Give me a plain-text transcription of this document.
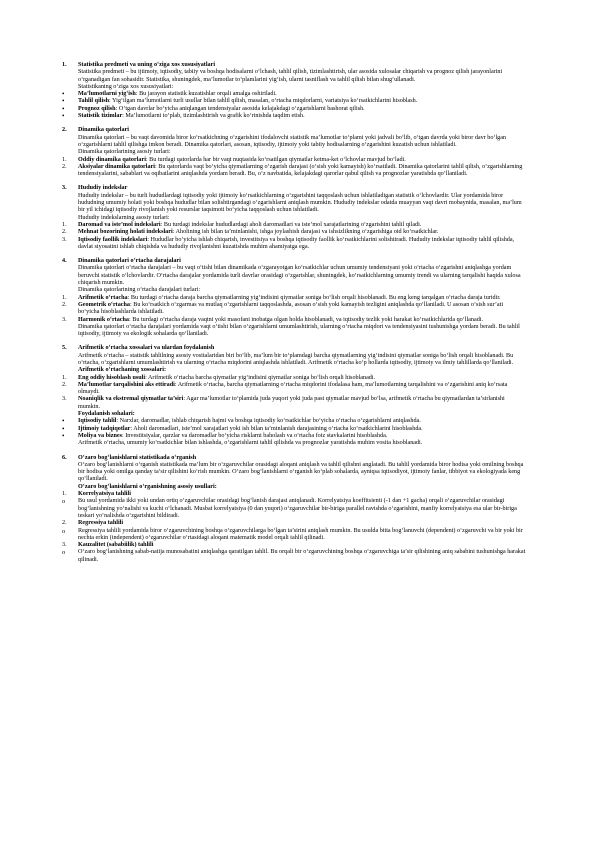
1.	Statistika predmeti va uning o‘ziga xos xususiyatlari
Statistika predmeti – bu ijtimoiy, iqtisodiy, tabiiy va boshqa hodisalarni o‘lchash, tahlil qilish, tizimlashtirish, ular asosida xulosalar chiqarish va prognoz qilish jarayonlarini o‘rganadigan fan sohasidir. Statistika, shuningdek, ma’lumotlar to‘plamlarini yig‘ish, ularni tasniflash va tahlil qilish bilan shug‘ullanadi.
Statistikaning o‘ziga xos xususiyatlari:
•	Ma’lumotlarni yig‘ish: Bu jarayon statistik kuzatishlar orqali amalga oshiriladi.
•	Tahlil qilish: Yig‘ilgan ma’lumotlarni turli usullar bilan tahlil qilish, masalan, o‘rtacha miqdorlarni, variatsiya ko‘rsatkichlarini hisoblash.
•	Prognoz qilish: O‘tgan davrlar bo‘yicha aniqlangan tendensiyalar asosida kelajakdagi o‘zgarishlarni bashorat qilish.
•	Statistik tizimlar: Ma’lumotlarni to‘plab, tizimlashtirish va grafik ko‘rinishda taqdim etish.
2.	Dinamika qatorlari
Dinamika qatorlari – bu vaqt davomida biror ko‘rsatkichning o‘zgarishini ifodalovchi statistik ma’lumotlar to‘plami yoki jadvali bo‘lib, o‘tgan davrda yoki biror davr bo‘lgan o‘zgarishlarni tahlil qilishga imkon beradi. Dinamika qatorlari, asosan, iqtisodiy, ijtimoiy yoki tabiiy hodisalarning o‘zgarishini kuzatish uchun ishlatiladi.
Dinamika qatorlarining asosiy turlari:
1.	Oddiy dinamika qatorlari: Bu turdagi qatorlarda har bir vaqt nuqtasida ko‘rsatilgan qiymatlar ketma-ket o‘lchovlar mavjud bo‘ladi.
2.	Aksiyalar dinamika qatorlari: Bu qatorlarda vaqt bo‘yicha qiymatlarning o‘zgarish darajasi (o‘sish yoki kamayish) ko‘rsatiladi. Dinamika qatorlarini tahlil qilish, o‘zgarishlarning tendensiyalarini, sabablari va oqibatlarini aniqlashda yordam beradi. Bu, o‘z navbatida, kelajakdagi qarorlar qabul qilish va prognozlar yaratishda qo‘llaniladi.
3.	Hududiy indekslar
Hududiy indekslar – bu turli hududlardagi iqtisodiy yoki ijtimoiy ko‘rsatkichlarning o‘zgarishini taqqoslash uchun ishlatiladigan statistik o‘lchovlardir. Ular yordamida biror hududning umumiy holati yoki boshqa hududlar bilan solishtirgandagi o‘zgarishlarni aniqlash mumkin. Hududiy indekslar odatda muayyan vaqt davri mobaynida, masalan, ma’lum bir yil ichidagi iqtisodiy rivojlanish yoki resurslar taqsimoti bo‘yicha taqqoslash uchun ishlatiladi.
Hududiy indekslarning asosiy turlari:
1.	Daromad va iste’mol indekslari: Bu turdagi indekslar hududlardagi aholi daromadlari va iste’mol xarajatlarining o‘zgarishini tahlil qiladi.
2.	Mehnat bozorining holati indekslari: Aholining ish bilan ta’minlanishi, ishga joylashish darajasi va ishsizlikning o‘zgarishiga oid ko‘rsatkichlar.
3.	Iqtisodiy faollik indekslari: Hududlar bo‘yicha ishlab chiqarish, investitsiya va boshqa iqtisodiy faollik ko‘rsatkichlarini solishtiradi. Hududiy indekslar iqtisodiy tahlil qilishda, davlat siyosatini ishlab chiqishda va hududiy rivojlanishni kuzatishda muhim ahamiyatga ega.
4.	Dinamika qatorlari o‘rtacha darajalari
Dinamika qatorlari o‘rtacha darajalari – bu vaqt o‘tishi bilan dinamikada o‘zgarayotgan ko‘rsatkichlar uchun umumiy tendensiyani yoki o‘rtacha o‘zgarishni aniqlashga yordam beruvchi statistik o‘lchovlardir. O‘rtacha darajalar yordamida turli davrlar orasidagi o‘zgarishlar, shuningdek, ko‘rsatkichlarning umumiy trendi va ularning tarqalishi haqida xulosa chiqarish mumkin.
Dinamika qatorlarining o‘rtacha darajalari turlari:
1.	Arifmetik o‘rtacha: Bu turdagi o‘rtacha daraja barcha qiymatlarning yig‘indisini qiymatlar soniga bo‘lish orqali hisoblanadi. Bu eng keng tarqalgan o‘rtacha daraja turidir.
2.	Geometrik o‘rtacha: Bu ko‘rsatkich o‘zgarmas va mutlaq o‘zgarishlarni taqqoslashda, asosan o‘sish yoki kamayish tezligini aniqlashda qo‘llaniladi. U asosan o‘sish sur’ati bo‘yicha hisoblashlarda ishlatiladi.
3.	Harmonik o‘rtacha: Bu turdagi o‘rtacha daraja vaqtni yoki masofani inobatga olgan holda hisoblanadi, va iqtisodiy tezlik yoki harakat ko‘rsatkichlarida qo‘llanadi.
Dinamika qatorlari o‘rtacha darajalari yordamida vaqt o‘tishi bilan o‘zgarishlarni umumlashtirish, ularning o‘rtacha miqdori va tendensiyasini tushunishga yordam beradi. Bu tahlil iqtisodiy, ijtimoiy va ekologik sohalarda qo‘llaniladi.
5.	Arifmetik o‘rtacha xossalari va ulardan foydalanish
Arifmetik o‘rtacha – statistik tahlilning asosiy vositalaridan biri bo‘lib, ma’lum bir to‘plamdagi barcha qiymatlarning yig‘indisini qiymatlar soniga bo‘lish orqali hisoblanadi. Bu o‘rtacha, o‘zgarishlarni umumlashtirish va ularning o‘rtacha miqdorini aniqlashda ishlatiladi. Arifmetik o‘rtacha ko‘p hollarda iqtisodiy, ijtimoiy va ilmiy tahlillarda qo‘llaniladi.
Arifmetik o‘rtachaning xossalari:
1.	Eng oddiy hisoblash usuli: Arifmetik o‘rtacha barcha qiymatlar yig‘indisini qiymatlar soniga bo‘lish orqali hisoblanadi.
2.	Ma’lumotlar tarqalishini aks ettiradi: Arifmetik o‘rtacha, barcha qiymatlarning o‘rtacha miqdorini ifodalasa ham, ma’lumotlarning tarqalishini va o‘zgarishini aniq ko‘rsata olmaydi.
3.	Noaniqlik va ekstremal qiymatlar ta’siri: Agar ma’lumotlar to‘plamida juda yuqori yoki juda past qiymatlar mavjud bo‘lsa, arifmetik o‘rtacha bu qiymatlardan ta’sirlanishi mumkin.
Foydalanish sohalari:
•	Iqtisodiy tahlil: Narxlar, daromadlar, ishlab chiqarish hajmi va boshqa iqtisodiy ko‘rsatkichlar bo‘yicha o‘rtacha o‘zgarishlarni aniqlashda.
•	Ijtimoiy tadqiqotlar: Aholi daromadlari, iste’mol xarajatlari yoki ish bilan ta’minlanish darajasining o‘rtacha ko‘rsatkichlarini hisoblashda.
•	Moliya va biznes: Investitsiyalar, qarzlar va daromadlar bo‘yicha risklarni baholash va o‘rtacha foiz stavkalarini hisoblashda.
Arifmetik o‘rtacha, umumiy ko‘rsatkichlar bilan ishlashda, o‘zgarishlarni tahlil qilishda va prognozlar yaratishda muhim vosita hisoblanadi.
6.	O‘zaro bog‘lanishlarni statistikada o‘rganish
O‘zaro bog‘lanishlarni o‘rganish statistikada ma’lum bir o‘zgaruvchilar orasidagi aloqani aniqlash va tahlil qilishni anglatadi. Bu tahlil yordamida biror hodisa yoki omilning boshqa bir hodisa yoki omilga qanday ta’sir qilishini ko‘rish mumkin. O‘zaro bog‘lanishlarni o‘rganish ko‘plab sohalarda, ayniqsa iqtisodiyot, ijtimoiy fanlar, tibbiyot va ekologiyada keng qo‘llaniladi.
O‘zaro bog‘lanishlarni o‘rganishning asosiy usullari:
1.	Korrelyatsiya tahlili
o	Bu usul yordamida ikki yoki undan ortiq o‘zgaruvchilar orasidagi bog‘lanish darajasi aniqlanadi. Korrelyatsiya koeffitsienti (-1 dan +1 gacha) orqali o‘zgaruvchilar orasidagi bog‘lanishning yo‘nalishi va kuchi o‘lchanadi. Musbat korrelyatsiya (0 dan yuqori) o‘zgaruvchilar bir-biriga parallel ravishda o‘zgarishini, manfiy korrelyatsiya esa ular bir-biriga teskari yo‘nalishda o‘zgarishini bildiradi.
2.	Regressiya tahlili
o	Regressiya tahlili yordamida biror o‘zgaruvchining boshqa o‘zgaruvchilarga bo‘lgan ta’sirini aniqlash mumkin. Bu usulda bitta bog‘lanuvchi (dependent) o‘zgaruvchi va bir yoki bir nechta erkin (independent) o‘zgaruvchilar o‘rtasidagi aloqani matematik model orqali tahlil qilinadi.
3.	Kauzalitet (sababiilik) tahlili
o	O‘zaro bog‘lanishning sabab-natija munosabatini aniqlashga qaratilgan tahlil. Bu orqali bir o‘zgaruvchining boshqa o‘zgaruvchiga ta’sir qilishining aniq sababini tushunishga harakat qilinadi.
